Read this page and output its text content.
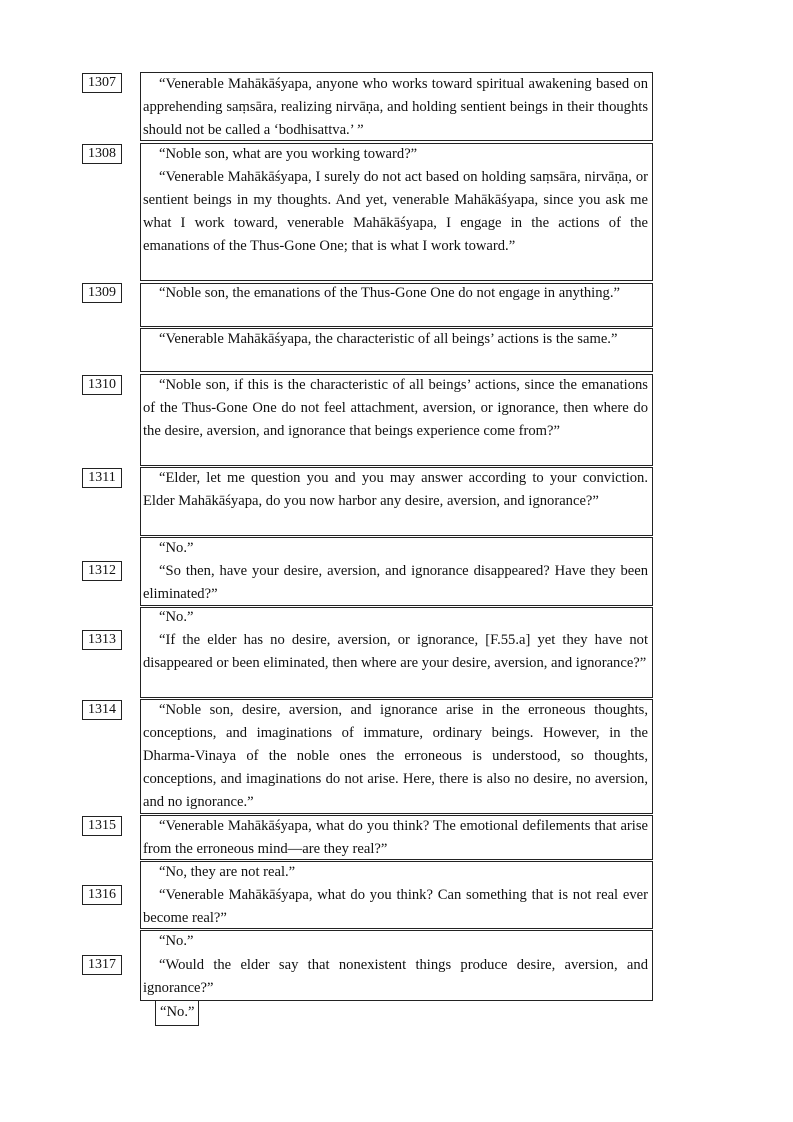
1307
1308
1309
1310
1311
1312
1313
1314
1315
1316
1317

“Venerable Mahākāśyapa, anyone who works toward spiritual awakening based on apprehending saṃsāra, realizing nirvāṇa, and holding sentient beings in their thoughts should not be called a ‘bodhisattva.’ ”

“Noble son, what are you working toward?”

“Venerable Mahākāśyapa, I surely do not act based on holding saṃsāra, nirvāṇa, or sentient beings in my thoughts. And yet, venerable Mahākāśyapa, since you ask me what I work toward, venerable Mahākāśyapa, I engage in the actions of the emanations of the Thus-Gone One; that is what I work toward.”

“Noble son, the emanations of the Thus-Gone One do not engage in anything.”

“Venerable Mahākāśyapa, the characteristic of all beings’ actions is the same.”

“Noble son, if this is the characteristic of all beings’ actions, since the emanations of the Thus-Gone One do not feel attachment, aversion, or ignorance, then where do the desire, aversion, and ignorance that beings experience come from?”

“Elder, let me question you and you may answer according to your conviction. Elder Mahākāśyapa, do you now harbor any desire, aversion, and ignorance?”

“No.”

“So then, have your desire, aversion, and ignorance disappeared? Have they been eliminated?”

“No.”

“If the elder has no desire, aversion, or ignorance, [F.55.a] yet they have not disappeared or been eliminated, then where are your desire, aversion, and ignorance?”

“Noble son, desire, aversion, and ignorance arise in the erroneous thoughts, conceptions, and imaginations of immature, ordinary beings. However, in the Dharma-Vinaya of the noble ones the erroneous is understood, so thoughts, conceptions, and imaginations do not arise. Here, there is also no desire, no aversion, and no ignorance.”

“Venerable Mahākāśyapa, what do you think? The emotional defilements that arise from the erroneous mind—are they real?”

“No, they are not real.”

“Venerable Mahākāśyapa, what do you think? Can something that is not real ever become real?”

“No.”

“Would the elder say that nonexistent things produce desire, aversion, and ignorance?”

“No.”
